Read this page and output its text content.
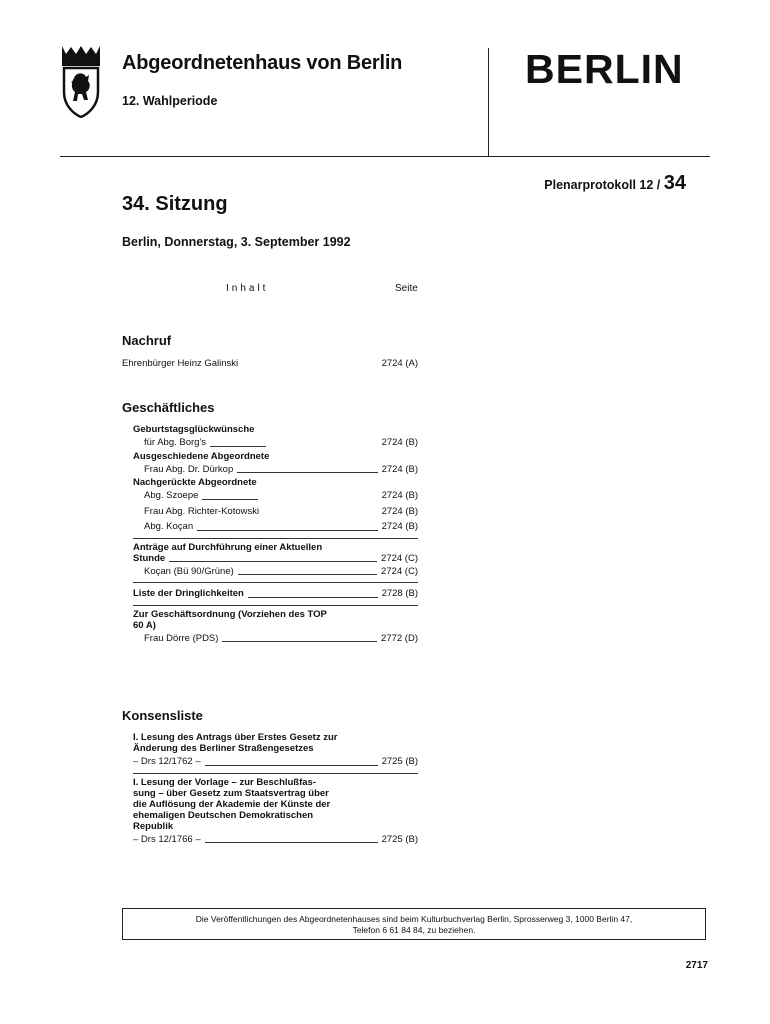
Abgeordnetenhaus von Berlin
12. Wahlperiode
BERLIN
Plenarprotokoll 12 / 34
34. Sitzung
Berlin, Donnerstag, 3. September 1992
Inhalt	Seite
Nachruf
Ehrenbürger Heinz Galinski	2724 (A)
Geschäftliches
Geburtstagsglückwünsche
für Abg. Borg's	2724 (B)
Ausgeschiedene Abgeordnete
Frau Abg. Dr. Dürkop	2724 (B)
Nachgerückte Abgeordnete
Abg. Szoepe	2724 (B)
Frau Abg. Richter-Kotowski	2724 (B)
Abg. Koçan	2724 (B)
Anträge auf Durchführung einer Aktuellen
Stunde	2724 (C)
Koçan (Bü 90/Grüne)	2724 (C)
Liste der Dringlichkeiten	2728 (B)
Zur Geschäftsordnung (Vorziehen des TOP
60 A)
Frau Dörre (PDS)	2772 (D)
Konsensliste
I. Lesung des Antrags über Erstes Gesetz zur
Änderung des Berliner Straßengesetzes
– Drs 12/1762 –	2725 (B)
I. Lesung der Vorlage – zur Beschlußfas-
sung – über Gesetz zum Staatsvertrag über
die Auflösung der Akademie der Künste der
ehemaligen Deutschen Demokratischen
Republik
– Drs 12/1766 –	2725 (B)
Die Veröffentlichungen des Abgeordnetenhauses sind beim Kulturbuchverlag Berlin, Sprosserweg 3, 1000 Berlin 47,
Telefon 6 61 84 84, zu beziehen.
2717
